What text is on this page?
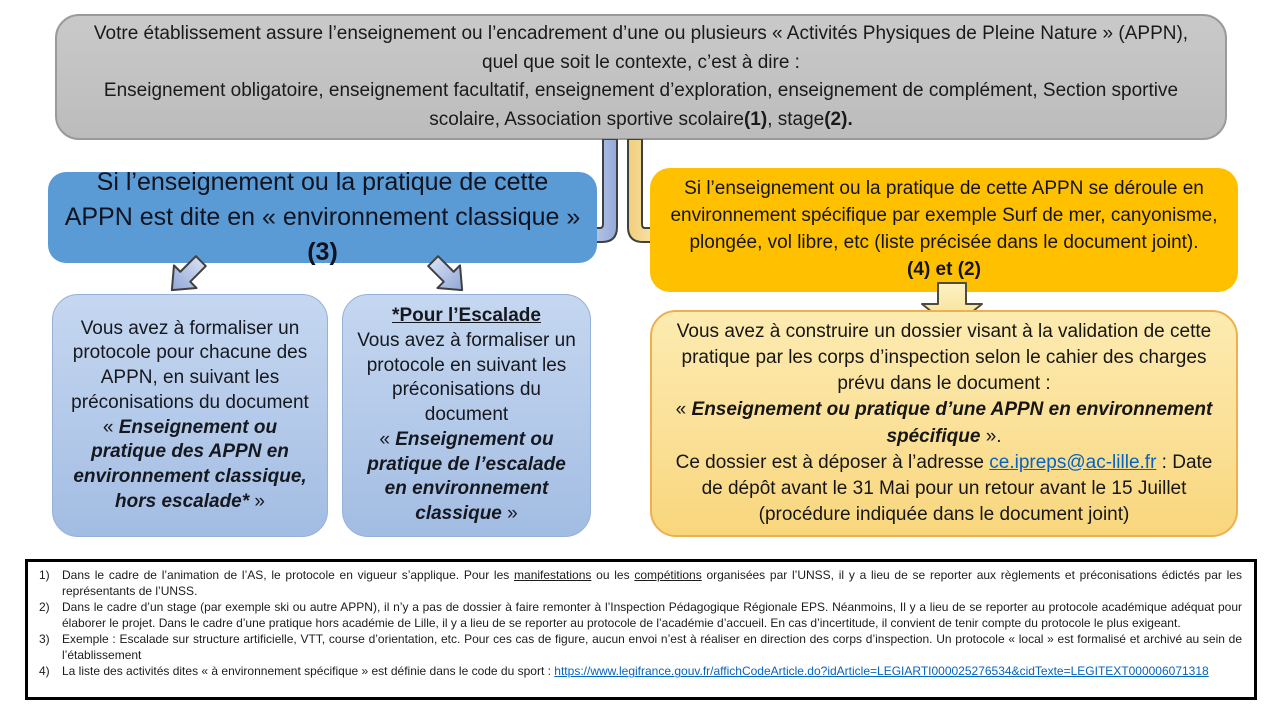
Votre établissement assure l’enseignement ou l’encadrement d’une ou plusieurs « Activités Physiques de Pleine Nature » (APPN), quel que soit le contexte, c’est à dire :
Enseignement obligatoire, enseignement facultatif, enseignement d’exploration, enseignement de complément, Section sportive scolaire, Association sportive scolaire(1), stage(2).
Si l’enseignement ou la pratique de cette APPN est dite en « environnement classique » (3)
Si l’enseignement ou la pratique de cette APPN se déroule en environnement spécifique par exemple Surf de mer, canyonisme, plongée, vol libre, etc (liste précisée dans le document joint).
(4) et (2)
Vous avez à formaliser un protocole pour chacune des APPN, en suivant les préconisations du document
« Enseignement ou pratique des APPN en environnement classique, hors escalade* »
*Pour l’Escalade
Vous avez à formaliser un protocole en suivant les préconisations du document
« Enseignement ou pratique de l’escalade en environnement classique »
Vous avez à construire un dossier visant à la validation de cette pratique par les corps d’inspection selon le cahier des charges prévu dans le document :
« Enseignement ou pratique d’une APPN en environnement spécifique ».
Ce dossier est à déposer à l’adresse ce.ipreps@ac-lille.fr : Date de dépôt avant le 31 Mai pour un retour avant le 15 Juillet (procédure indiquée dans le document joint)
1)	Dans le cadre de l’animation de l’AS, le protocole en vigueur s’applique. Pour les manifestations ou les compétitions organisées par l’UNSS, il y a lieu de se reporter aux règlements et préconisations édictés par les représentants de l’UNSS.
2)	Dans le cadre d’un stage (par exemple ski ou autre APPN), il n’y a pas de dossier à faire remonter à l’Inspection Pédagogique Régionale EPS. Néanmoins, Il y a lieu de se reporter au protocole académique adéquat pour élaborer le projet. Dans le cadre d’une pratique hors académie de Lille, il y a lieu de se reporter au protocole de l’académie d’accueil. En cas d’incertitude, il convient de tenir compte du protocole le plus exigeant.
3)	Exemple : Escalade sur structure artificielle, VTT, course d’orientation, etc. Pour ces cas de figure, aucun envoi n’est à réaliser en direction des corps d’inspection. Un protocole « local » est formalisé et archivé au sein de l’établissement
4)	La liste des activités dites « à environnement spécifique » est définie dans le code du sport : https://www.legifrance.gouv.fr/affichCodeArticle.do?idArticle=LEGIARTI000025276534&cidTexte=LEGITEXT000006071318
